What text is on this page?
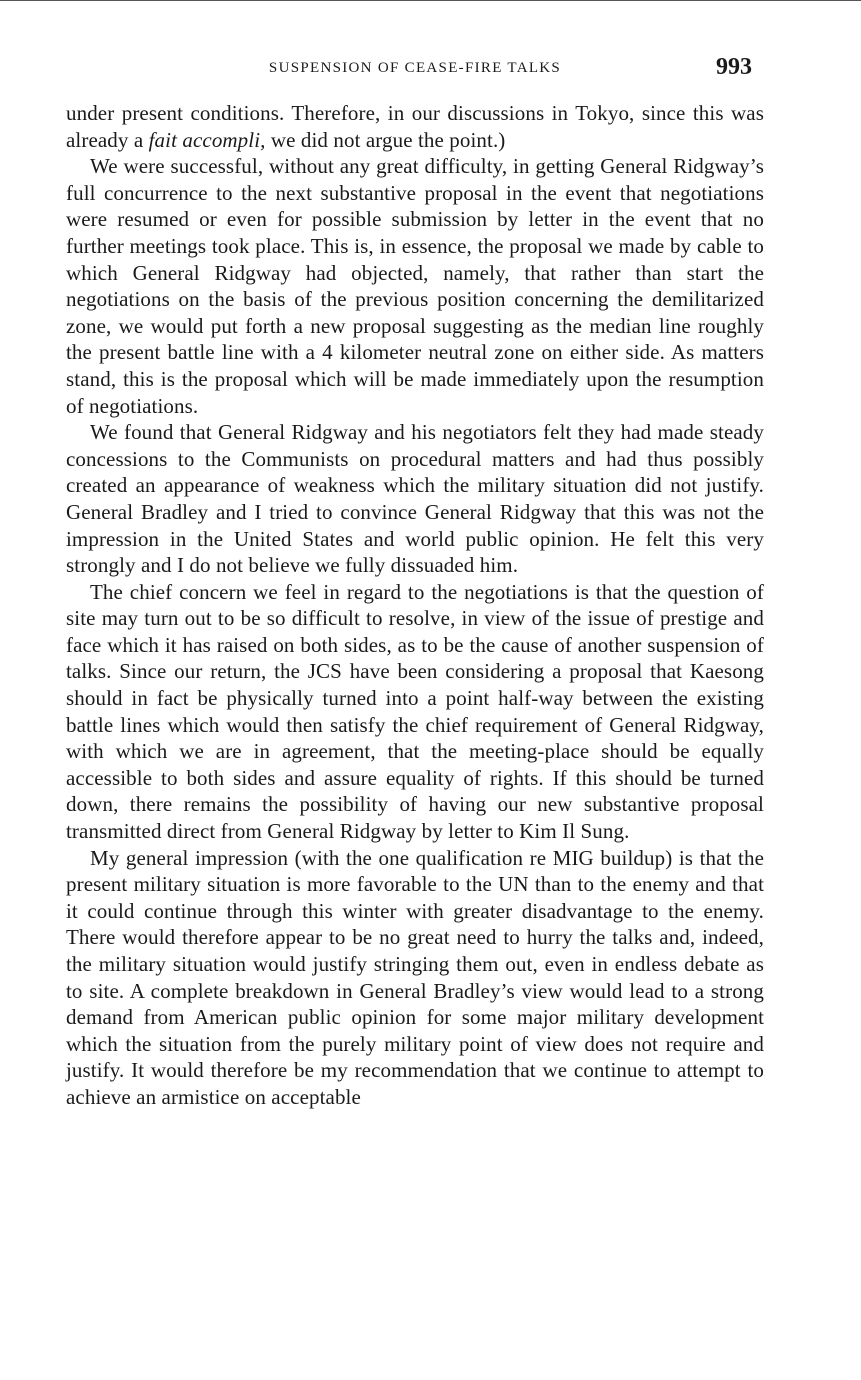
SUSPENSION OF CEASE-FIRE TALKS	993

under present conditions. Therefore, in our discussions in Tokyo, since this was already a fait accompli, we did not argue the point.)

We were successful, without any great difficulty, in getting General Ridgway’s full concurrence to the next substantive proposal in the event that negotiations were resumed or even for possible submission by letter in the event that no further meetings took place. This is, in essence, the proposal we made by cable to which General Ridgway had objected, namely, that rather than start the negotiations on the basis of the previous position concerning the demilitarized zone, we would put forth a new proposal suggesting as the median line roughly the present battle line with a 4 kilometer neutral zone on either side. As matters stand, this is the proposal which will be made immediately upon the resumption of negotiations.

We found that General Ridgway and his negotiators felt they had made steady concessions to the Communists on procedural matters and had thus possibly created an appearance of weakness which the military situation did not justify. General Bradley and I tried to convince General Ridgway that this was not the impression in the United States and world public opinion. He felt this very strongly and I do not believe we fully dissuaded him.

The chief concern we feel in regard to the negotiations is that the question of site may turn out to be so difficult to resolve, in view of the issue of prestige and face which it has raised on both sides, as to be the cause of another suspension of talks. Since our return, the JCS have been considering a proposal that Kaesong should in fact be physically turned into a point half-way between the existing battle lines which would then satisfy the chief requirement of General Ridgway, with which we are in agreement, that the meeting-place should be equally accessible to both sides and assure equality of rights. If this should be turned down, there remains the possibility of having our new substantive proposal transmitted direct from General Ridgway by letter to Kim Il Sung.

My general impression (with the one qualification re MIG buildup) is that the present military situation is more favorable to the UN than to the enemy and that it could continue through this winter with greater disadvantage to the enemy. There would therefore appear to be no great need to hurry the talks and, indeed, the military situation would justify stringing them out, even in endless debate as to site. A complete breakdown in General Bradley’s view would lead to a strong demand from American public opinion for some major military development which the situation from the purely military point of view does not require and justify. It would therefore be my recommendation that we continue to attempt to achieve an armistice on acceptable
